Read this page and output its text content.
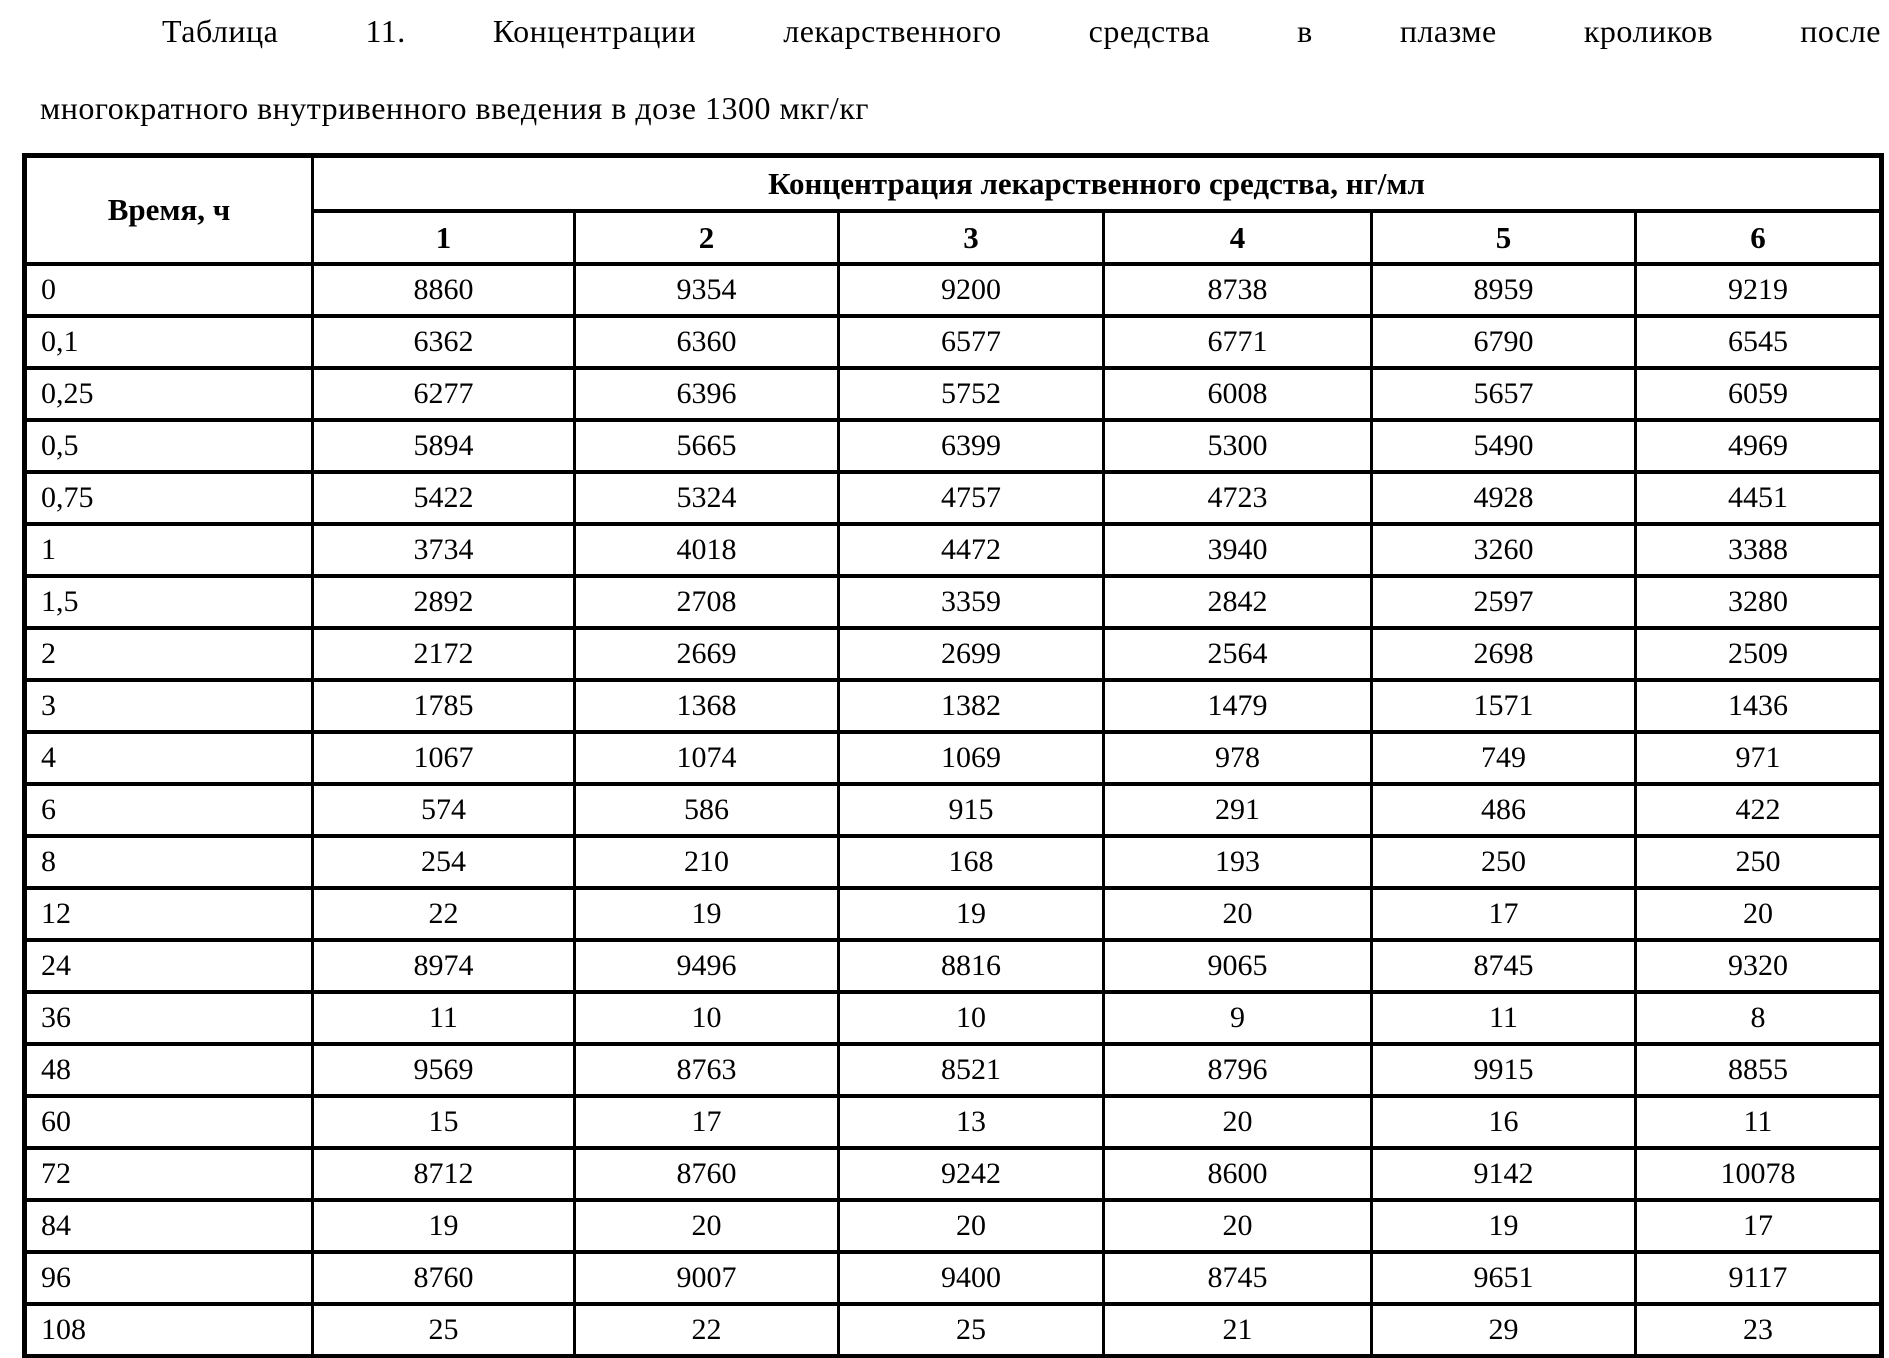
Таблица 11. Концентрации лекарственного средства в плазме кроликов после
многократного внутривенного введения в дозе 1300 мкг/кг
Время, ч	Концентрация лекарственного средства, нг/мл					
	1	2	3	4	5	6
0	8860	9354	9200	8738	8959	9219
0,1	6362	6360	6577	6771	6790	6545
0,25	6277	6396	5752	6008	5657	6059
0,5	5894	5665	6399	5300	5490	4969
0,75	5422	5324	4757	4723	4928	4451
1	3734	4018	4472	3940	3260	3388
1,5	2892	2708	3359	2842	2597	3280
2	2172	2669	2699	2564	2698	2509
3	1785	1368	1382	1479	1571	1436
4	1067	1074	1069	978	749	971
6	574	586	915	291	486	422
8	254	210	168	193	250	250
12	22	19	19	20	17	20
24	8974	9496	8816	9065	8745	9320
36	11	10	10	9	11	8
48	9569	8763	8521	8796	9915	8855
60	15	17	13	20	16	11
72	8712	8760	9242	8600	9142	10078
84	19	20	20	20	19	17
96	8760	9007	9400	8745	9651	9117
108	25	22	25	21	29	23
